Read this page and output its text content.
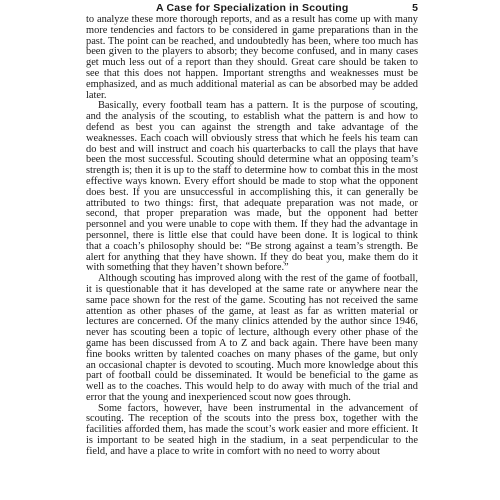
A Case for Specialization in Scouting	5

to analyze these more thorough reports, and as a result has come up with many more tendencies and factors to be considered in game preparations than in the past. The point can be reached, and undoubtedly has been, where too much has been given to the players to absorb; they become confused, and in many cases get much less out of a report than they should. Great care should be taken to see that this does not happen. Important strengths and weaknesses must be emphasized, and as much additional material as can be absorbed may be added later.

Basically, every football team has a pattern. It is the purpose of scouting, and the analysis of the scouting, to establish what the pattern is and how to defend as best you can against the strength and take advantage of the weaknesses. Each coach will obviously stress that which he feels his team can do best and will instruct and coach his quarterbacks to call the plays that have been the most successful. Scouting should determine what an opposing team’s strength is; then it is up to the staff to determine how to combat this in the most effective ways known. Every effort should be made to stop what the opponent does best. If you are unsuccessful in accomplishing this, it can generally be attributed to two things: first, that adequate preparation was not made, or second, that proper preparation was made, but the opponent had better personnel and you were unable to cope with them. If they had the advantage in personnel, there is little else that could have been done. It is logical to think that a coach’s philosophy should be: “Be strong against a team’s strength. Be alert for anything that they have shown. If they do beat you, make them do it with something that they haven’t shown before.”

Although scouting has improved along with the rest of the game of football, it is questionable that it has developed at the same rate or anywhere near the same pace shown for the rest of the game. Scouting has not received the same attention as other phases of the game, at least as far as written material or lectures are concerned. Of the many clinics attended by the author since 1946, never has scouting been a topic of lecture, although every other phase of the game has been discussed from A to Z and back again. There have been many fine books written by talented coaches on many phases of the game, but only an occasional chapter is devoted to scouting. Much more knowledge about this part of football could be disseminated. It would be beneficial to the game as well as to the coaches. This would help to do away with much of the trial and error that the young and inexperienced scout now goes through.

Some factors, however, have been instrumental in the advancement of scouting. The reception of the scouts into the press box, together with the facilities afforded them, has made the scout’s work easier and more efficient. It is important to be seated high in the stadium, in a seat perpendicular to the field, and have a place to write in comfort with no need to worry about
